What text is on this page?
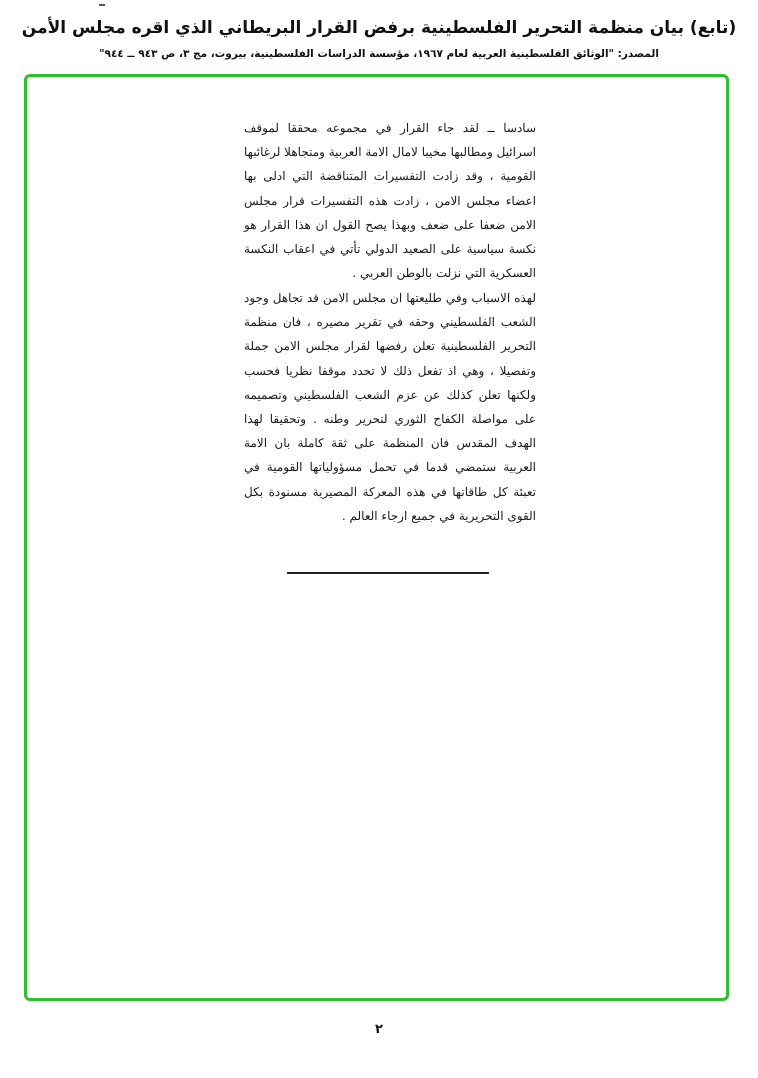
(تابع) بيان منظمة التحرير الفلسطينية برفض القرار البريطاني الذي اقره مجلس الأمن
المصدر: "الوثائق الفلسطينية العربية لعام ١٩٦٧، مؤسسة الدراسات الفلسطينية، بيروت، مج ٣، ص ٩٤٣ ــ ٩٤٤"
سادسا ــ لقد جاء القرار في مجموعه محققا لموقف اسرائيل ومطالبها مخيبا لامال الامة العربية ومتجاهلا لرغائبها القومية ، وقد زادت التفسيرات المتناقضة التي ادلى بها اعضاء مجلس الامن ، زادت هذه التفسيرات قرار مجلس الامن ضعفا على ضعف وبهذا يصح القول ان هذا القرار هو نكسة سياسية على الصعيد الدولي تأتي في اعقاب النكسة العسكرية التي نزلت بالوطن العربي .
لهذه الاسباب وفي طليعتها ان مجلس الامن قد تجاهل وجود الشعب الفلسطيني وحقه في تقرير مصيره ، فان منظمة التحرير الفلسطينية تعلن رفضها لقرار مجلس الامن جملة وتفصيلا ، وهي اذ تفعل ذلك لا تحدد موقفا نظريا فحسب ولكنها تعلن كذلك عن عزم الشعب الفلسطيني وتصميمه على مواصلة الكفاح الثوري لتحرير وطنه . وتحقيقا لهذا الهدف المقدس فان المنظمة على ثقة كاملة بان الامة العربية ستمضي قدما في تحمل مسؤولياتها القومية في تعبئة كل طاقاتها في هذه المعركة المصيرية مسنودة بكل القوى التحريرية في جميع ارجاء العالم .
٢
